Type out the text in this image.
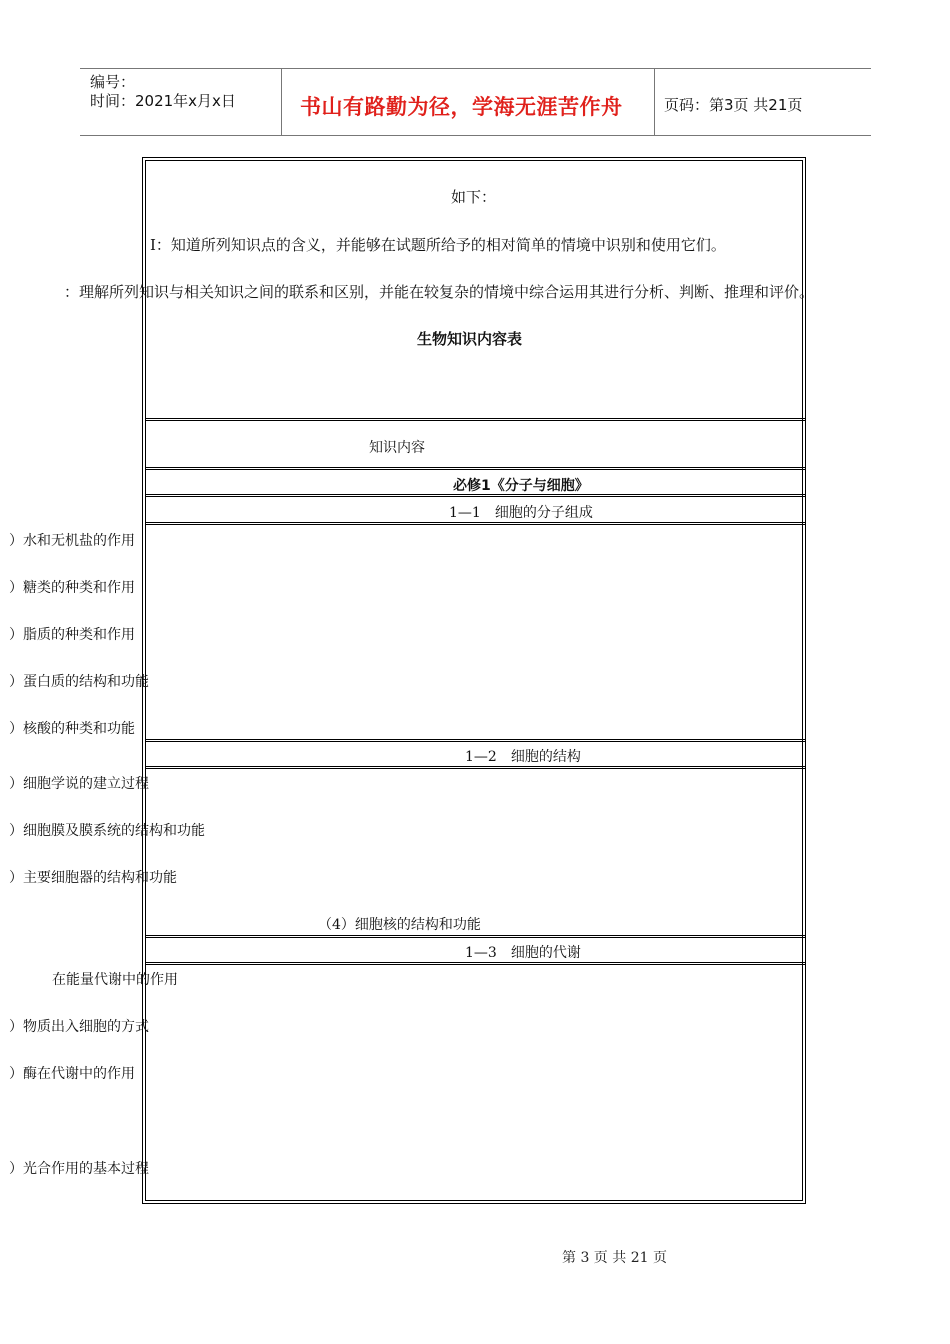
编号：
时间：2021年x月x日	书山有路勤为径，学海无涯苦作舟	页码：第3页 共21页
如下：
Ⅰ：知道所列知识点的含义，并能够在试题所给予的相对简单的情境中识别和使用它们。
：理解所列知识与相关知识之间的联系和区别，并能在较复杂的情境中综合运用其进行分析、判断、推理和评价。
生物知识内容表
知识内容
必修1《分子与细胞》
1—1　细胞的分子组成
）水和无机盐的作用
）糖类的种类和作用
）脂质的种类和作用
）蛋白质的结构和功能
）核酸的种类和功能
1—2　细胞的结构
）细胞学说的建立过程
）细胞膜及膜系统的结构和功能
）主要细胞器的结构和功能
（4）细胞核的结构和功能
1—3　细胞的代谢
在能量代谢中的作用
）物质出入细胞的方式
）酶在代谢中的作用
）光合作用的基本过程
第 3 页 共 21 页
